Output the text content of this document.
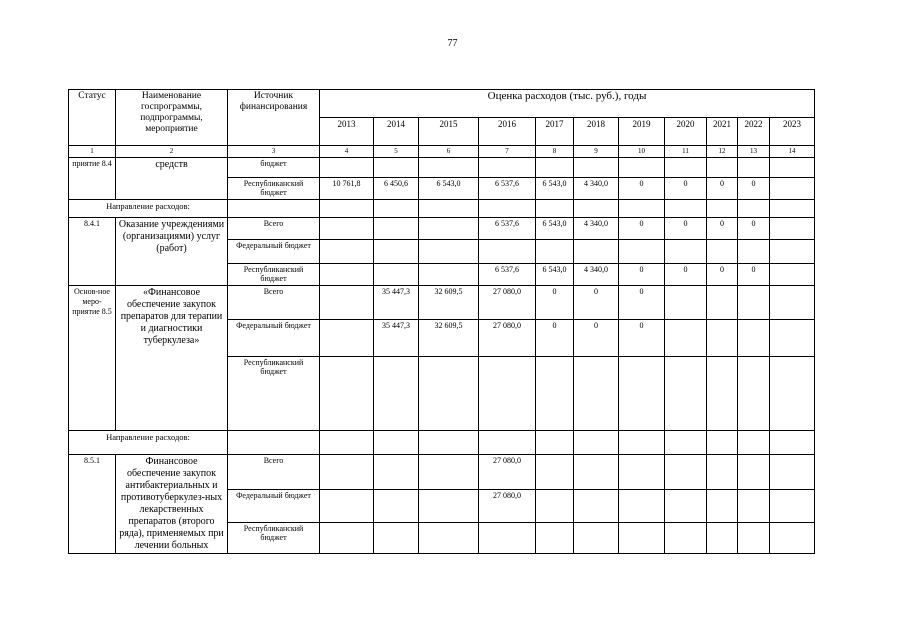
77
Статус	Наименование госпрограммы, подпрограммы, мероприятие	Источник финансирования	Оценка расходов (тыс. руб.), годы										
			2013	2014	2015	2016	2017	2018	2019	2020	2021	2022	2023
1	2	3	4	5	6	7	8	9	10	11	12	13	14
приятие 8.4	средств	бюджет											
		Республиканский бюджет	10 761,8	6 450,6	6 543,0	6 537,6	6 543,0	4 340,0	0	0	0	0	
Направление расходов:													
8.4.1	Оказание учреждениями (организациями) услуг (работ)	Всего				6 537,6	6 543,0	4 340,0	0	0	0	0	
		Федеральный бюджет											
		Республиканский бюджет				6 537,6	6 543,0	4 340,0	0	0	0	0	
Основ-ное меро-приятие 8.5	«Финансовое обеспечение закупок препаратов для терапии и диагностики туберкулеза»	Всего		35 447,3	32 609,5	27 080,0	0	0	0				
		Федеральный бюджет		35 447,3	32 609,5	27 080,0	0	0	0				
		Республиканский бюджет											
Направление расходов:													
8.5.1	Финансовое обеспечение закупок антибактериальных и противотуберкулез-ных лекарственных препаратов (второго ряда), применяемых при лечении больных	Всего				27 080,0							
		Федеральный бюджет				27 080,0							
		Республиканский бюджет											
